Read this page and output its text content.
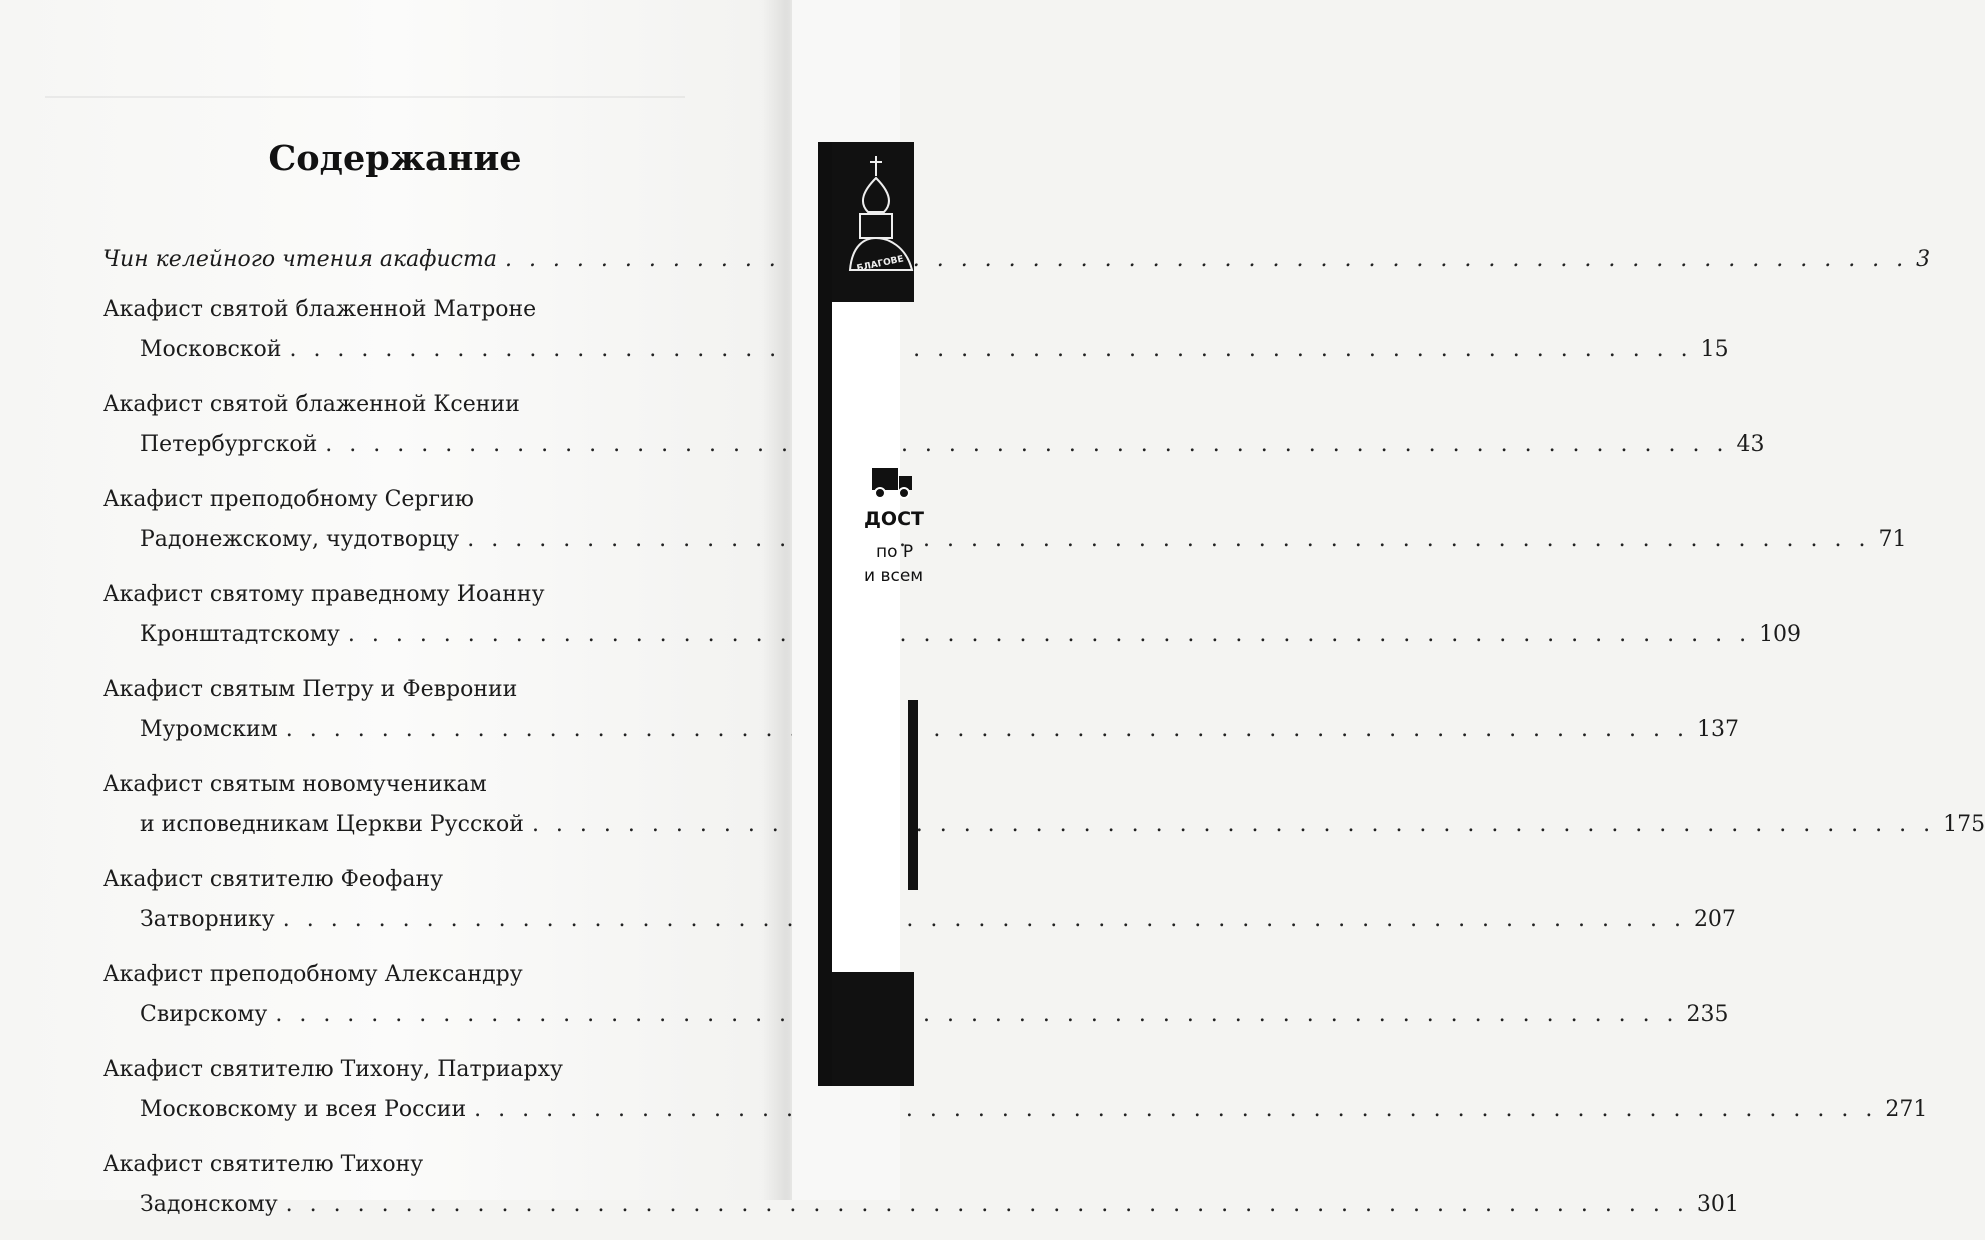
Содержание
Чин келейного чтения акафиста . . .	3
Акафист святой блаженной Матроне
Московской . . .	15
Акафист святой блаженной Ксении
Петербургской . . .	43
Акафист преподобному Сергию
Радонежскому, чудотворцу . . .	71
Акафист святому праведному Иоанну
Кронштадтскому . . .	109
Акафист святым Петру и Февронии
Муромским . . .	137
Акафист святым новомученикам
и исповедникам Церкви Русской . . .	175
Акафист святителю Феофану
Затворнику . . .	207
Акафист преподобному Александру
Свирскому . . .	235
Акафист святителю Тихону, Патриарху
Московскому и всея России . . .	271
Акафист святителю Тихону
Задонскому . . .	301
БЛАГОВЕ
ДОСТ
по Р
и всем
